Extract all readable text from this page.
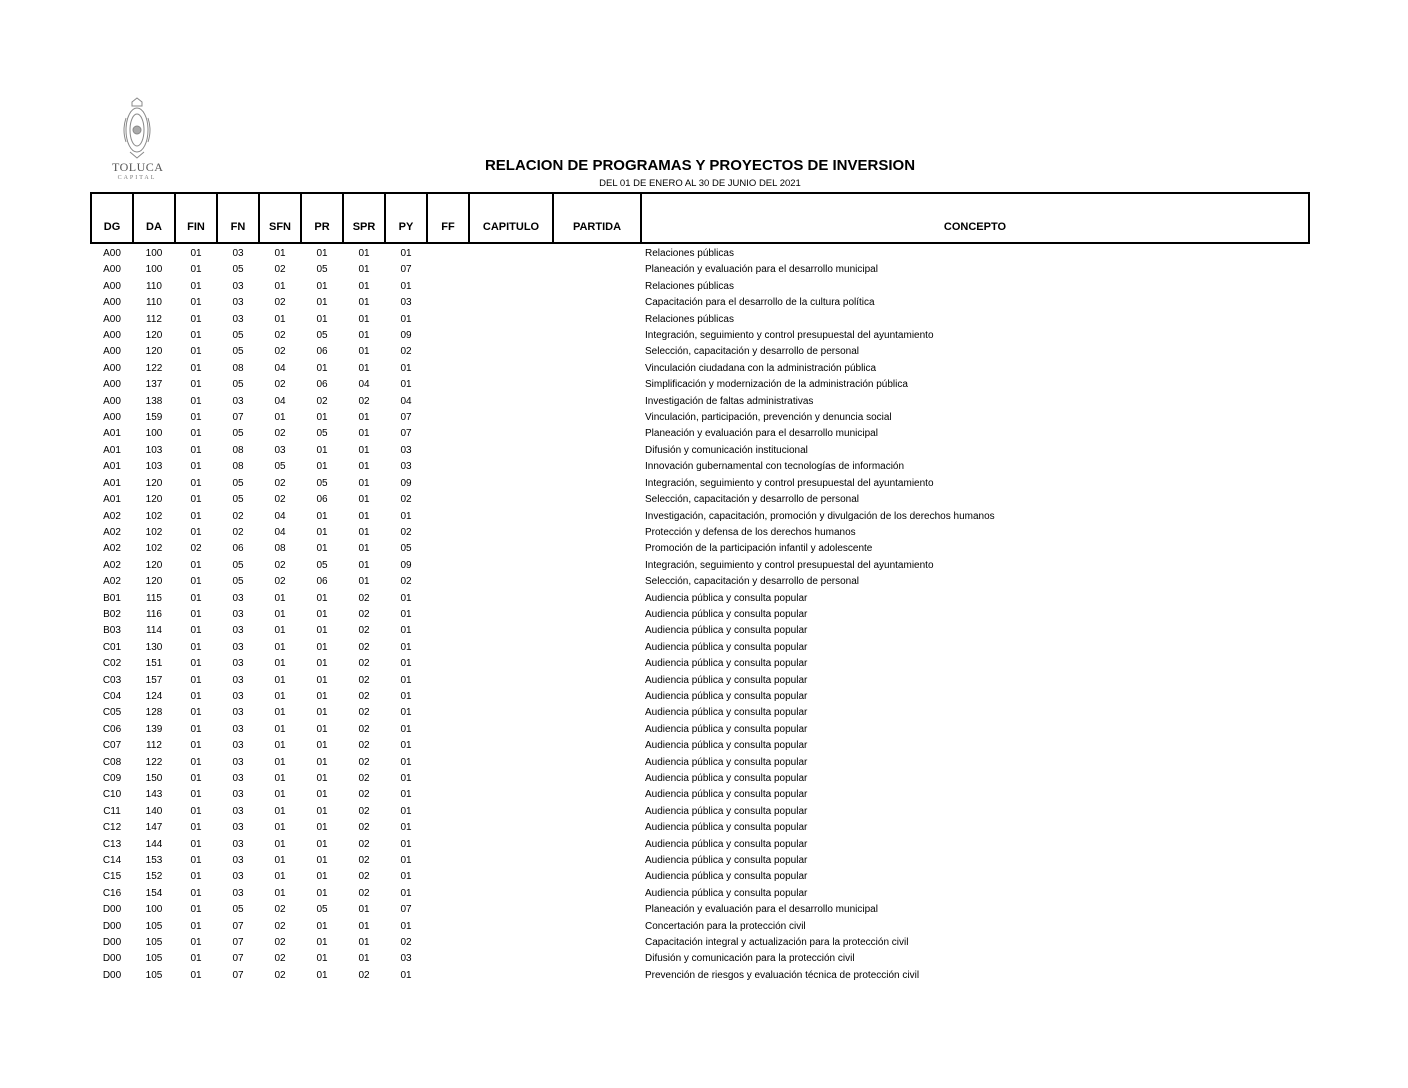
TOLUCA
CAPITAL
RELACION DE PROGRAMAS Y PROYECTOS DE INVERSION
DEL 01 DE ENERO AL 30 DE JUNIO DEL 2021
DG	DA	FIN	FN	SFN	PR	SPR	PY	FF	CAPITULO	PARTIDA	CONCEPTO
A00	100	01	03	01	01	01	01				Relaciones públicas
A00	100	01	05	02	05	01	07				Planeación y evaluación para el desarrollo municipal
A00	110	01	03	01	01	01	01				Relaciones públicas
A00	110	01	03	02	01	01	03				Capacitación para el desarrollo de la cultura política
A00	112	01	03	01	01	01	01				Relaciones públicas
A00	120	01	05	02	05	01	09				Integración, seguimiento y control presupuestal del ayuntamiento
A00	120	01	05	02	06	01	02				Selección, capacitación y desarrollo de personal
A00	122	01	08	04	01	01	01				Vinculación ciudadana con la administración pública
A00	137	01	05	02	06	04	01				Simplificación y modernización de la administración pública
A00	138	01	03	04	02	02	04				Investigación de faltas administrativas
A00	159	01	07	01	01	01	07				Vinculación, participación, prevención y denuncia social
A01	100	01	05	02	05	01	07				Planeación y evaluación para el desarrollo municipal
A01	103	01	08	03	01	01	03				Difusión y comunicación institucional
A01	103	01	08	05	01	01	03				Innovación gubernamental con tecnologías de información
A01	120	01	05	02	05	01	09				Integración, seguimiento y control presupuestal del ayuntamiento
A01	120	01	05	02	06	01	02				Selección, capacitación y desarrollo de personal
A02	102	01	02	04	01	01	01				Investigación, capacitación, promoción y divulgación de los derechos humanos
A02	102	01	02	04	01	01	02				Protección y defensa de los derechos humanos
A02	102	02	06	08	01	01	05				Promoción de la participación infantil y adolescente
A02	120	01	05	02	05	01	09				Integración, seguimiento y control presupuestal del ayuntamiento
A02	120	01	05	02	06	01	02				Selección, capacitación y desarrollo de personal
B01	115	01	03	01	01	02	01				Audiencia pública y consulta popular
B02	116	01	03	01	01	02	01				Audiencia pública y consulta popular
B03	114	01	03	01	01	02	01				Audiencia pública y consulta popular
C01	130	01	03	01	01	02	01				Audiencia pública y consulta popular
C02	151	01	03	01	01	02	01				Audiencia pública y consulta popular
C03	157	01	03	01	01	02	01				Audiencia pública y consulta popular
C04	124	01	03	01	01	02	01				Audiencia pública y consulta popular
C05	128	01	03	01	01	02	01				Audiencia pública y consulta popular
C06	139	01	03	01	01	02	01				Audiencia pública y consulta popular
C07	112	01	03	01	01	02	01				Audiencia pública y consulta popular
C08	122	01	03	01	01	02	01				Audiencia pública y consulta popular
C09	150	01	03	01	01	02	01				Audiencia pública y consulta popular
C10	143	01	03	01	01	02	01				Audiencia pública y consulta popular
C11	140	01	03	01	01	02	01				Audiencia pública y consulta popular
C12	147	01	03	01	01	02	01				Audiencia pública y consulta popular
C13	144	01	03	01	01	02	01				Audiencia pública y consulta popular
C14	153	01	03	01	01	02	01				Audiencia pública y consulta popular
C15	152	01	03	01	01	02	01				Audiencia pública y consulta popular
C16	154	01	03	01	01	02	01				Audiencia pública y consulta popular
D00	100	01	05	02	05	01	07				Planeación y evaluación para el desarrollo municipal
D00	105	01	07	02	01	01	01				Concertación para la protección civil
D00	105	01	07	02	01	01	02				Capacitación integral y actualización para la protección civil
D00	105	01	07	02	01	01	03				Difusión y comunicación para la protección civil
D00	105	01	07	02	01	02	01				Prevención de riesgos y evaluación técnica de protección civil
